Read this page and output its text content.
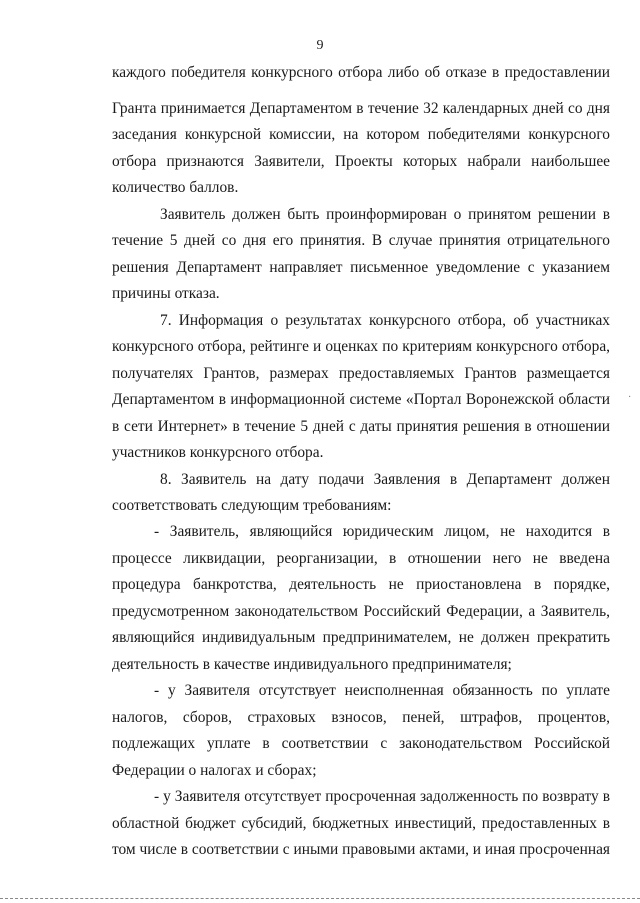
9
каждого победителя конкурсного отбора либо об отказе в предоставлении
Гранта принимается Департаментом в течение 32 календарных дней со дня
заседания конкурсной комиссии, на котором победителями конкурсного
отбора признаются Заявители, Проекты которых набрали наибольшее
количество баллов.
Заявитель должен быть проинформирован о принятом решении в
течение 5 дней со дня его принятия. В случае принятия отрицательного
решения Департамент направляет письменное уведомление с указанием
причины отказа.
7. Информация о результатах конкурсного отбора, об участниках
конкурсного отбора, рейтинге и оценках по критериям конкурсного отбора,
получателях Грантов, размерах предоставляемых Грантов размещается
Департаментом в информационной системе «Портал Воронежской области
в сети Интернет» в течение 5 дней с даты принятия решения в отношении
участников конкурсного отбора.
8. Заявитель на дату подачи Заявления в Департамент должен
соответствовать следующим требованиям:
- Заявитель, являющийся юридическим лицом, не находится в
процессе ликвидации, реорганизации, в отношении него не введена
процедура банкротства, деятельность не приостановлена в порядке,
предусмотренном законодательством Российский Федерации, а Заявитель,
являющийся индивидуальным предпринимателем, не должен прекратить
деятельность в качестве индивидуального предпринимателя;
- у Заявителя отсутствует неисполненная обязанность по уплате
налогов, сборов, страховых взносов, пеней, штрафов, процентов,
подлежащих уплате в соответствии с законодательством Российской
Федерации о налогах и сборах;
- у Заявителя отсутствует просроченная задолженность по возврату в
областной бюджет субсидий, бюджетных инвестиций, предоставленных в
том числе в соответствии с иными правовыми актами, и иная просроченная
·
